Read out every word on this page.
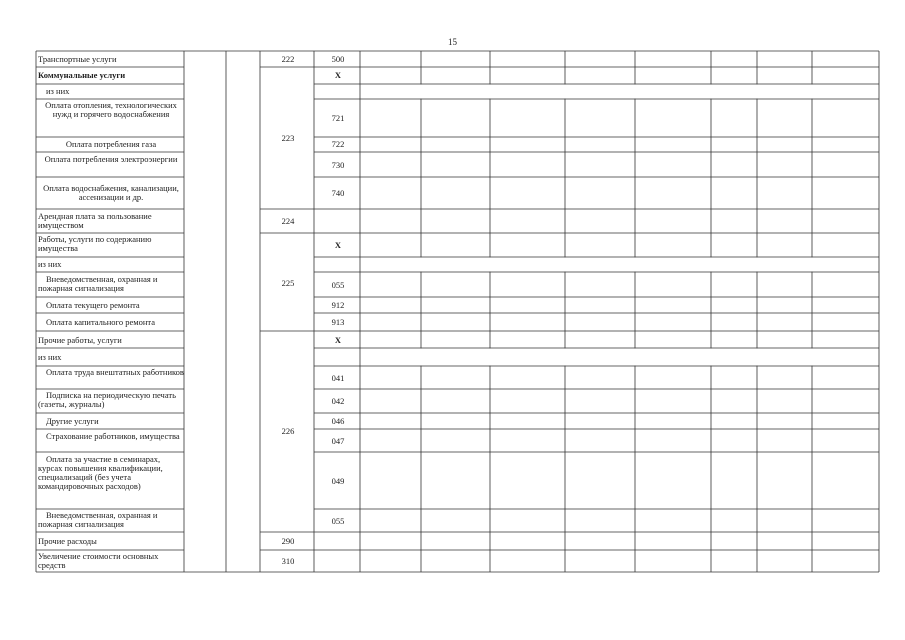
15
Транспортные услуги
Коммунальные услуги
из них
Оплата отопления, технологических нужд и горячего водоснабжения
Оплата потребления газа
Оплата потребления электроэнергии
Оплата водоснабжения, канализации, ассенизации и др.
Арендная плата за пользование имуществом
Работы, услуги по содержанию имущества
из них
Вневедомственная, охранная и пожарная сигнализация
Оплата текущего ремонта
Оплата капитального ремонта
Прочие работы, услуги
из них
Оплата труда внештатных работников
Подписка на периодическую печать (газеты, журналы)
Другие услуги
Страхование работников, имущества
Оплата за участие в семинарах, курсах повышения квалификации, специализаций (без учета командировочных расходов)
Вневедомственная, охранная и пожарная сигнализация
Прочие расходы
Увеличение стоимости основных средств
222
223
224
225
226
290
310
500
X
721
722
730
740
X
055
912
913
X
041
042
046
047
049
055
